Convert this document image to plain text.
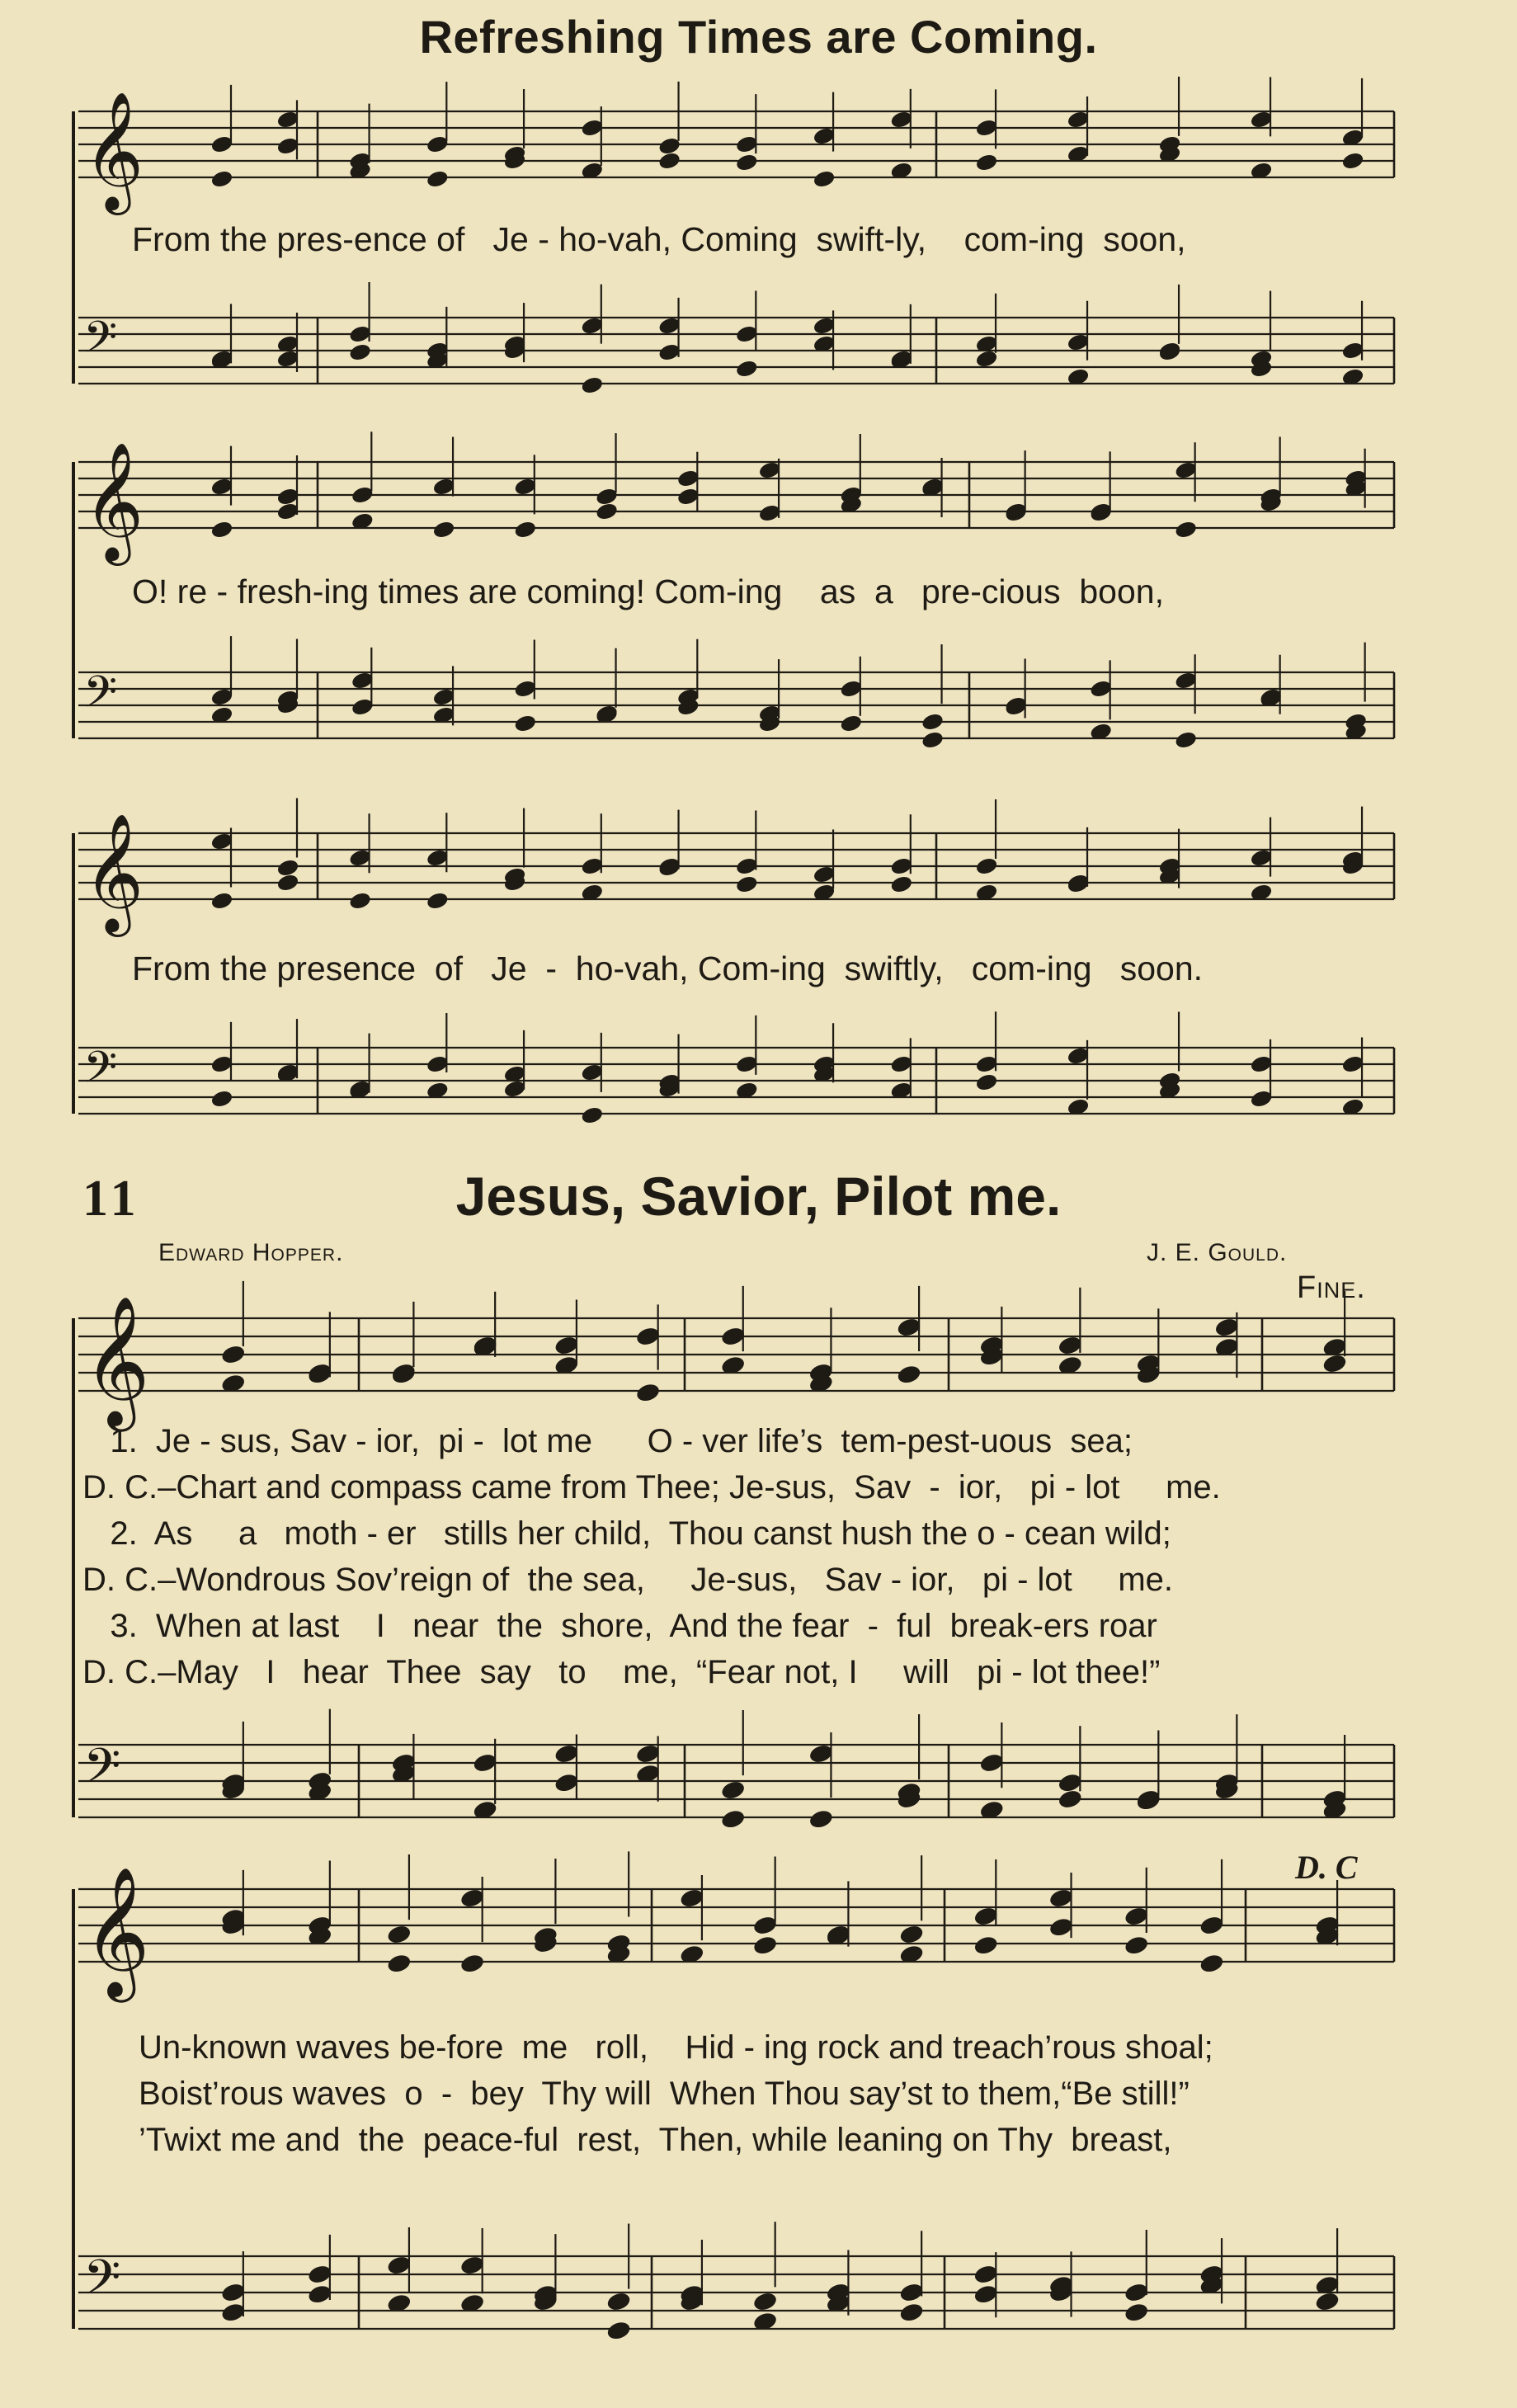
Refreshing Times are Coming.
𝄞
𝄢
𝄞
𝄢
𝄞
𝄢
𝄞
𝄢
𝄞
𝄢
From the pres-ence of   Je - ho-vah, Coming  swift-ly,    com-ing  soon,
O! re - fresh-ing times are coming! Com-ing    as  a   pre-cious  boon,
From the presence  of   Je  -  ho-vah, Com-ing  swiftly,   com-ing   soon.
11	Jesus, Savior, Pilot me.
Edward Hopper.	J. E. Gould.
Fine.
1.  Je - sus, Sav - ior,  pi -  lot me      O - ver life’s  tem-pest-uous  sea;
D. C.–Chart and compass came from Thee; Je-sus,  Sav  -  ior,   pi - lot     me.
2.  As     a   moth - er   stills her child,  Thou canst hush the o - cean wild;
D. C.–Wondrous Sov’reign of  the sea,     Je-sus,   Sav - ior,   pi - lot     me.
3.  When at last    I   near  the  shore,  And the fear  -  ful  break-ers roar
D. C.–May   I   hear  Thee  say   to    me,  “Fear not, I     will   pi - lot thee!”
D. C
Un-known waves be-fore  me   roll,    Hid - ing rock and treach’rous shoal;
Boist’rous waves  o  -  bey  Thy will  When Thou say’st to them,“Be still!”
’Twixt me and  the  peace-ful  rest,  Then, while leaning on Thy  breast,
